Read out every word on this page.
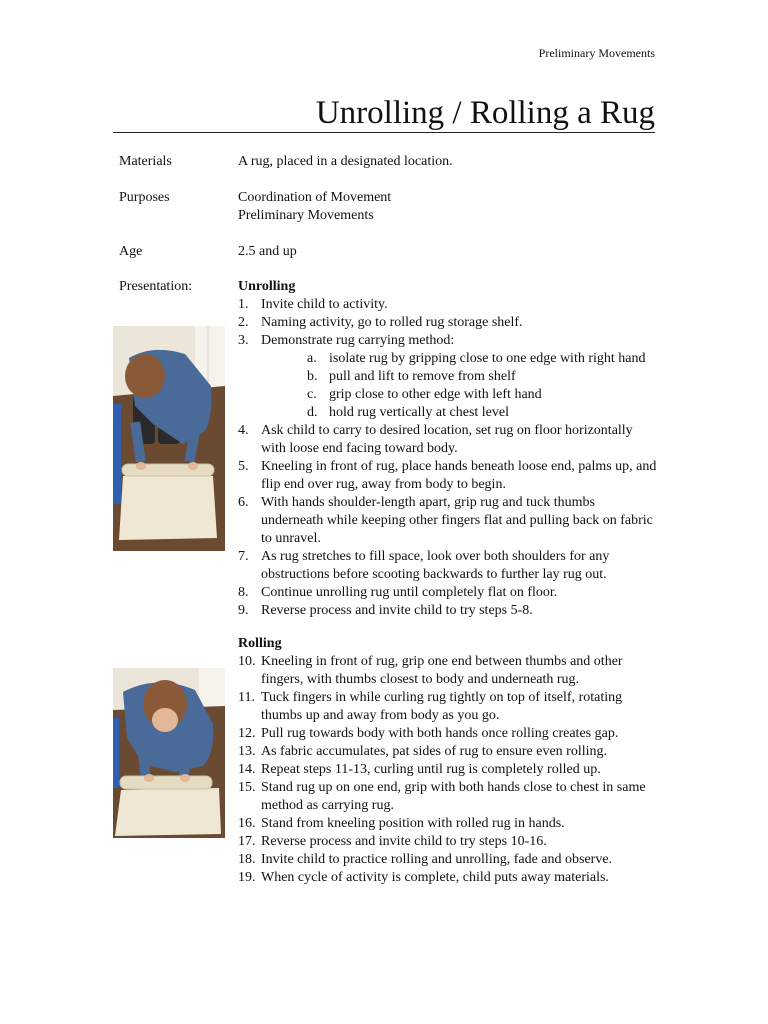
Preliminary Movements
Unrolling / Rolling a Rug
Materials	A rug, placed in a designated location.
Purposes	Coordination of Movement
Preliminary Movements
Age	2.5 and up
Presentation:	Unrolling
1. Invite child to activity.
2. Naming activity, go to rolled rug storage shelf.
3. Demonstrate rug carrying method:
a. isolate rug by gripping close to one edge with right hand
b. pull and lift to remove from shelf
c. grip close to other edge with left hand
d. hold rug vertically at chest level
4. Ask child to carry to desired location, set rug on floor horizontally with loose end facing toward body.
5. Kneeling in front of rug, place hands beneath loose end, palms up, and flip end over rug, away from body to begin.
6. With hands shoulder-length apart, grip rug and tuck thumbs underneath while keeping other fingers flat and pulling back on fabric to unravel.
7. As rug stretches to fill space, look over both shoulders for any obstructions before scooting backwards to further lay rug out.
8. Continue unrolling rug until completely flat on floor.
9. Reverse process and invite child to try steps 5-8.
Rolling
10. Kneeling in front of rug, grip one end between thumbs and other fingers, with thumbs closest to body and underneath rug.
11. Tuck fingers in while curling rug tightly on top of itself, rotating thumbs up and away from body as you go.
12. Pull rug towards body with both hands once rolling creates gap.
13. As fabric accumulates, pat sides of rug to ensure even rolling.
14. Repeat steps 11-13, curling until rug is completely rolled up.
15. Stand rug up on one end, grip with both hands close to chest in same method as carrying rug.
16. Stand from kneeling position with rolled rug in hands.
17. Reverse process and invite child to try steps 10-16.
18. Invite child to practice rolling and unrolling, fade and observe.
19. When cycle of activity is complete, child puts away materials.
